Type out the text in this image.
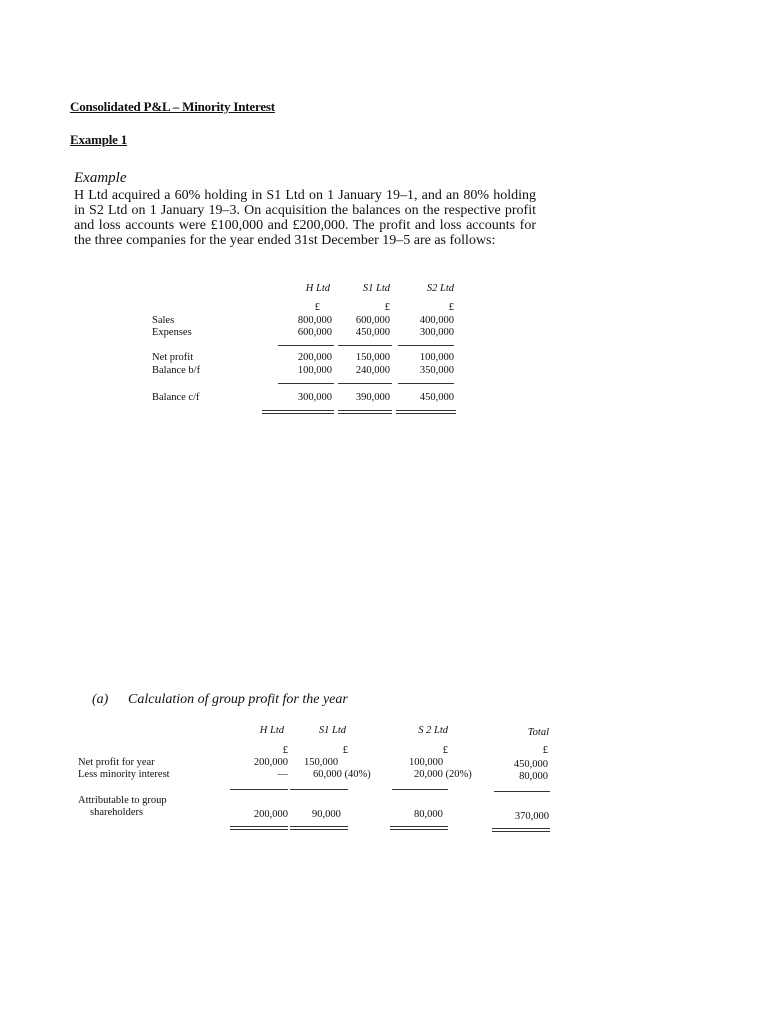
Consolidated P&L – Minority Interest
Example 1
Example
H Ltd acquired a 60% holding in S1 Ltd on 1 January 19–1, and an 80% holding in S2 Ltd on 1 January 19–3. On acquisition the balances on the respective profit and loss accounts were £100,000 and £200,000. The profit and loss accounts for the three companies for the year ended 31st December 19–5 are as follows:
H Ltd	S1 Ltd	S2 Ltd
£	£	£
Sales	800,000	600,000	400,000
Expenses	600,000	450,000	300,000
Net profit	200,000	150,000	100,000
Balance b/f	100,000	240,000	350,000
Balance c/f	300,000	390,000	450,000
(a) Calculation of group profit for the year
H Ltd	S1 Ltd	S 2 Ltd	Total
£	£	£	£
Net profit for year	200,000 150,000	100,000	450,000
Less minority interest	— 60,000 (40%)	20,000 (20%)	80,000
Attributable to group
shareholders	200,000 90,000	80,000	370,000
